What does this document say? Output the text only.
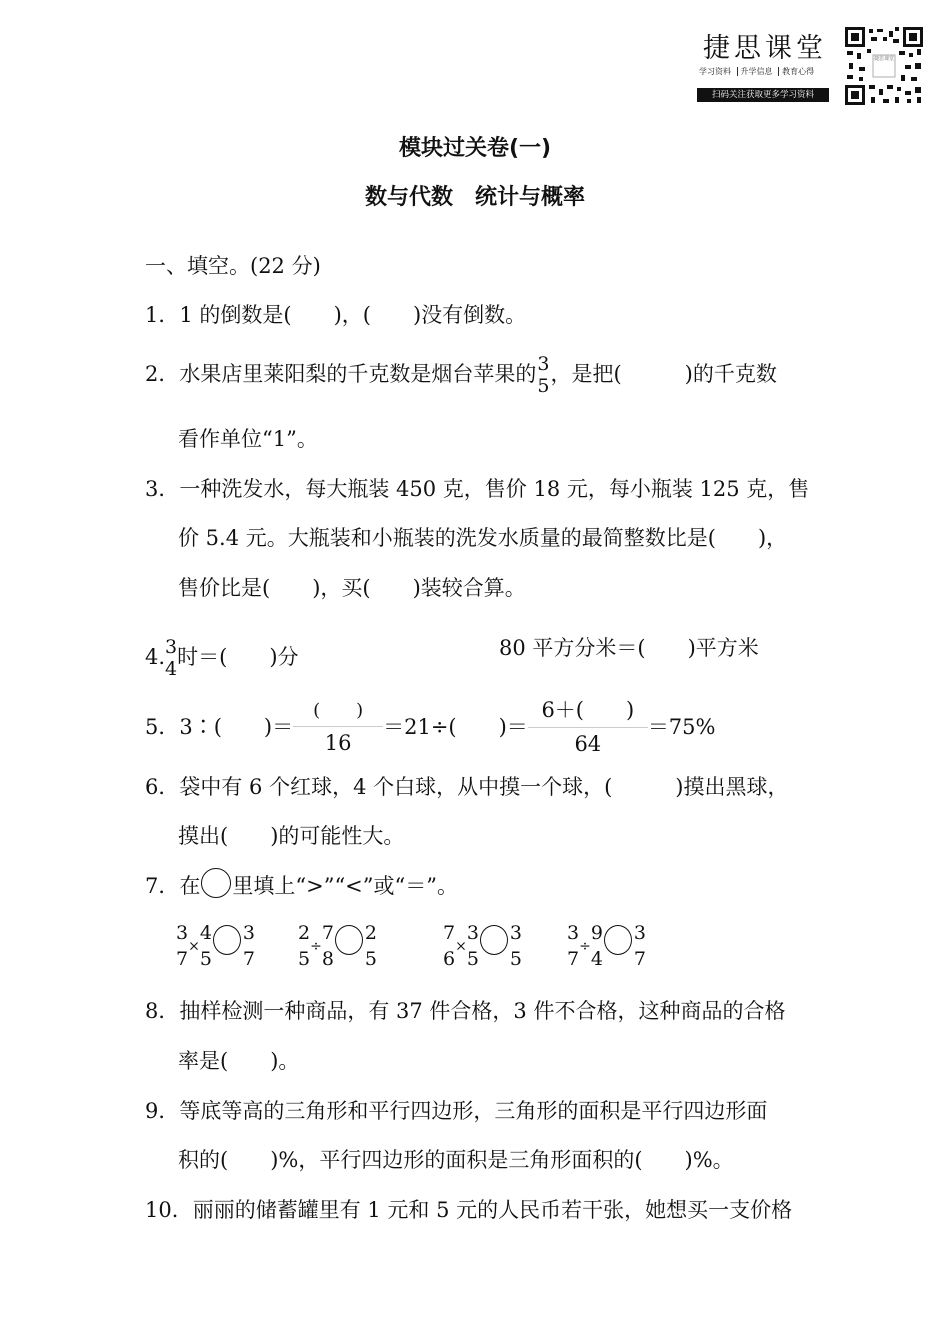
捷思课堂
学习资料 升学信息 教育心得
扫码关注获取更多学习资料
捷思课堂
模块过关卷(一)
数与代数　统计与概率
一、填空。(22 分)
1．1 的倒数是(　　)，(　　)没有倒数。
2．水果店里莱阳梨的千克数是烟台苹果的 3
5 ，是把(　　　)的千克数
看作单位“1”。
3．一种洗发水，每大瓶装 450 克，售价 18 元，每小瓶装 125 克，售
价 5.4 元。大瓶装和小瓶装的洗发水质量的最简整数比是(　　)，
售价比是(　　)，买(　　)装较合算。
4. 3
4 时＝(　　)分	80 平方分米＝(　　)平方米
5．3∶(　　)＝ $\frac{( )}{16} =21\div$(　　)＝ $\frac{6+( )}{64} =75\%$
6．袋中有 6 个红球，4 个白球，从中摸一个球，(　　　)摸出黑球，
摸出(　　)的可能性大。
7．在 里填上“>”“<”或“＝”。
3
7
×
4
5
3
7
2
5
÷
7
8
2
5
7
6
×
3
5
3
5
3
7
÷
9
4
3
7
8．抽样检测一种商品，有 37 件合格，3 件不合格，这种商品的合格
率是(　　)。
9．等底等高的三角形和平行四边形，三角形的面积是平行四边形面
积的(　　)%，平行四边形的面积是三角形面积的(　　)%。
10．丽丽的储蓄罐里有 1 元和 5 元的人民币若干张，她想买一支价格
